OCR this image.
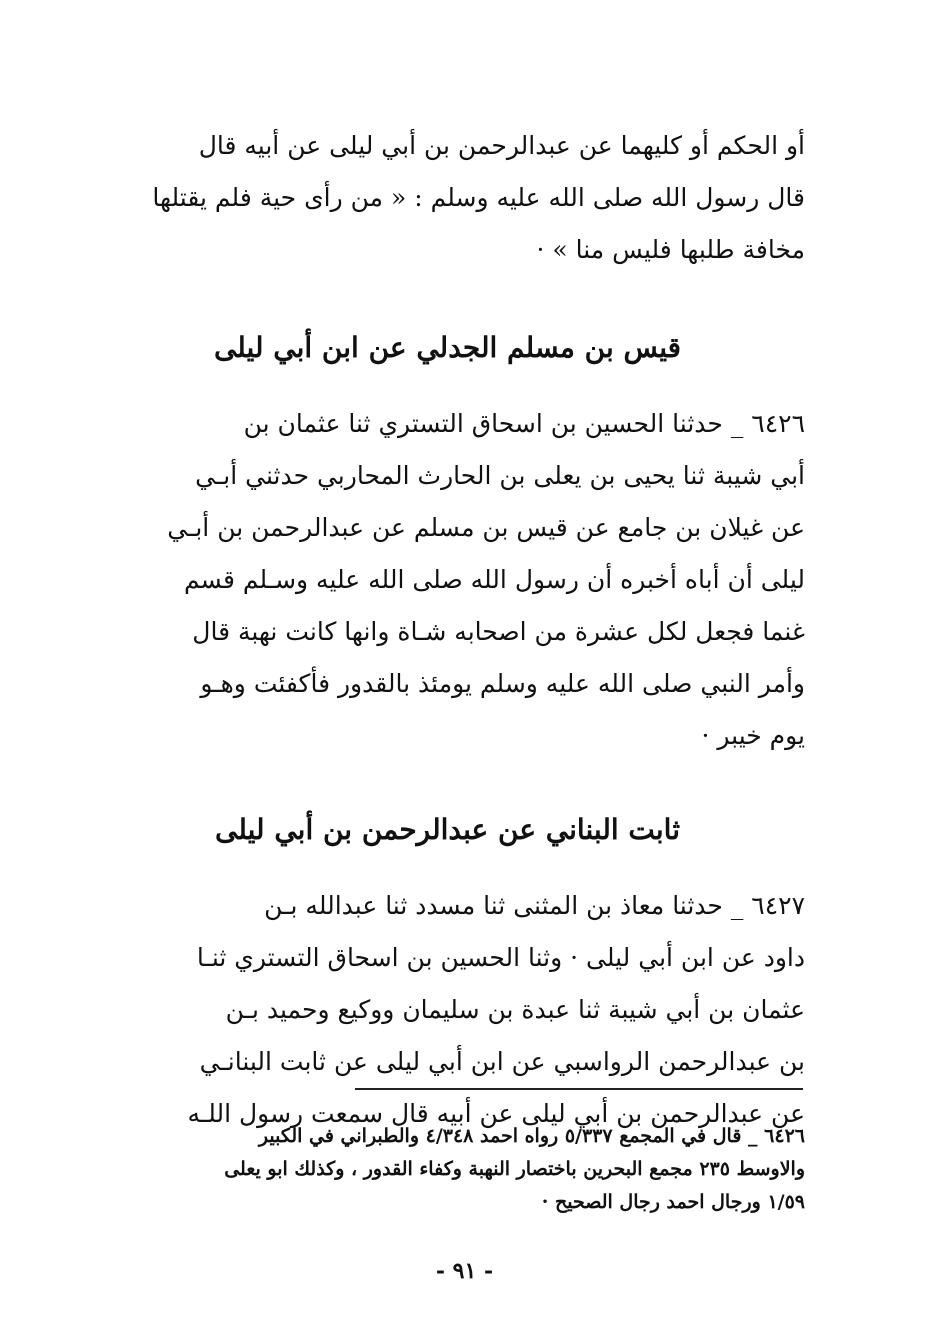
أو الحكم أو كليهما عن عبدالرحمن بن أبي ليلى عن أبيه قال
قال رسول الله صلى الله عليه وسلم : « من رأى حية فلم يقتلها
مخافة طلبها فليس منا » ·
قيس بن مسلم الجدلي عن ابن أبي ليلى
٦٤٢٦ _ حدثنا الحسين بن اسحاق التستري ثنا عثمان بن
أبي شيبة ثنا يحيى بن يعلى بن الحارث المحاربي حدثني أبـي
عن غيلان بن جامع عن قيس بن مسلم عن عبدالرحمن بن أبـي
ليلى أن أباه أخبره أن رسول الله صلى الله عليه وسـلم قسم
غنما فجعل لكل عشرة من اصحابه شـاة وانها كانت نهبة قال
وأمر النبي صلى الله عليه وسلم يومئذ بالقدور فأكفئت وهـو
يوم خيبر ·
ثابت البناني عن عبدالرحمن بن أبي ليلى
٦٤٢٧ _ حدثنا معاذ بن المثنى ثنا مسدد ثنا عبدالله بـن
داود عن ابن أبي ليلى · وثنا الحسين بن اسحاق التستري ثنـا
عثمان بن أبي شيبة ثنا عبدة بن سليمان ووكيع وحميد بـن
بن عبدالرحمن الرواسبي عن ابن أبي ليلى عن ثابت البنانـي
عن عبدالرحمن بن أبي ليلى عن أبيه قال سمعت رسول اللـه
٦٤٢٦ _ قال في المجمع ٥/٣٣٧ رواه احمد ٤/٣٤٨ والطبراني في الكبير
والاوسط ٢٣٥ مجمع البحرين باختصار النهبة وكفاء القدور ، وكذلك ابو يعلى
١/٥٩ ورجال احمد رجال الصحيح ·
- ٩١ -
